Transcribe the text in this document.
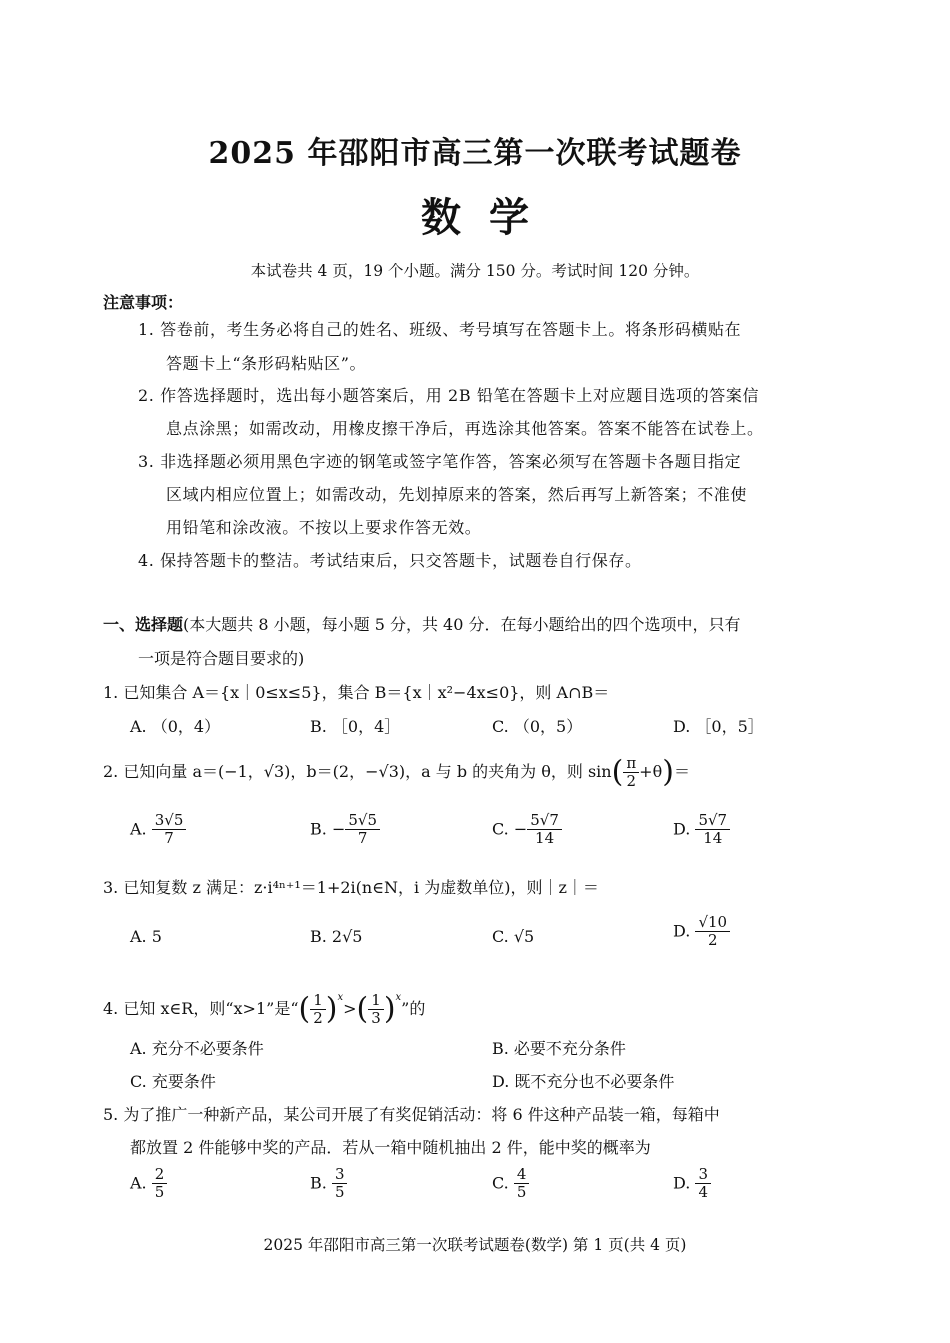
2025 年邵阳市高三第一次联考试题卷
数学
本试卷共 4 页，19 个小题。满分 150 分。考试时间 120 分钟。
注意事项：
1. 答卷前，考生务必将自己的姓名、班级、考号填写在答题卡上。将条形码横贴在
答题卡上“条形码粘贴区”。
2. 作答选择题时，选出每小题答案后，用 2B 铅笔在答题卡上对应题目选项的答案信
息点涂黑；如需改动，用橡皮擦干净后，再选涂其他答案。答案不能答在试卷上。
3. 非选择题必须用黑色字迹的钢笔或签字笔作答，答案必须写在答题卡各题目指定
区域内相应位置上；如需改动，先划掉原来的答案，然后再写上新答案；不准使
用铅笔和涂改液。不按以上要求作答无效。
4. 保持答题卡的整洁。考试结束后，只交答题卡，试题卷自行保存。
一、选择题(本大题共 8 小题，每小题 5 分，共 40 分．在每小题给出的四个选项中，只有
一项是符合题目要求的)
1. 已知集合 A＝{x｜0≤x≤5}，集合 B＝{x｜x²−4x≤0}，则 A∩B＝
A. （0，4）	B. ［0，4］	C. （0，5）	D. ［0，5］
2. 已知向量 a＝(−1，√3)，b＝(2，−√3)，a 与 b 的夹角为 θ，则 $\sin( \frac{\pi}{2} +\theta)=$
A. $\frac{3√5}{7}$	B. − $\frac{5√5}{7}$	C. − $\frac{5√7}{14}$	D. $\frac{5√7}{14}$
3. 已知复数 z 满足：z·i⁴ⁿ⁺¹＝1+2i(n∈N，i 为虚数单位)，则｜z｜＝
A. 5	B. 2√5	C. √5	D. $\frac{√10}{2}$
4. 已知 x∈R，则“x>1”是“( $\frac{1}{2} )^x>( \frac{1}{3} )^x$”的
A. 充分不必要条件	B. 必要不充分条件
C. 充要条件	D. 既不充分也不必要条件
5. 为了推广一种新产品，某公司开展了有奖促销活动：将 6 件这种产品装一箱，每箱中
都放置 2 件能够中奖的产品．若从一箱中随机抽出 2 件，能中奖的概率为
A. $\frac{2}{5}$	B. $\frac{3}{5}$	C. $\frac{4}{5}$	D. $\frac{3}{4}$
2025 年邵阳市高三第一次联考试题卷(数学) 第 1 页(共 4 页)
